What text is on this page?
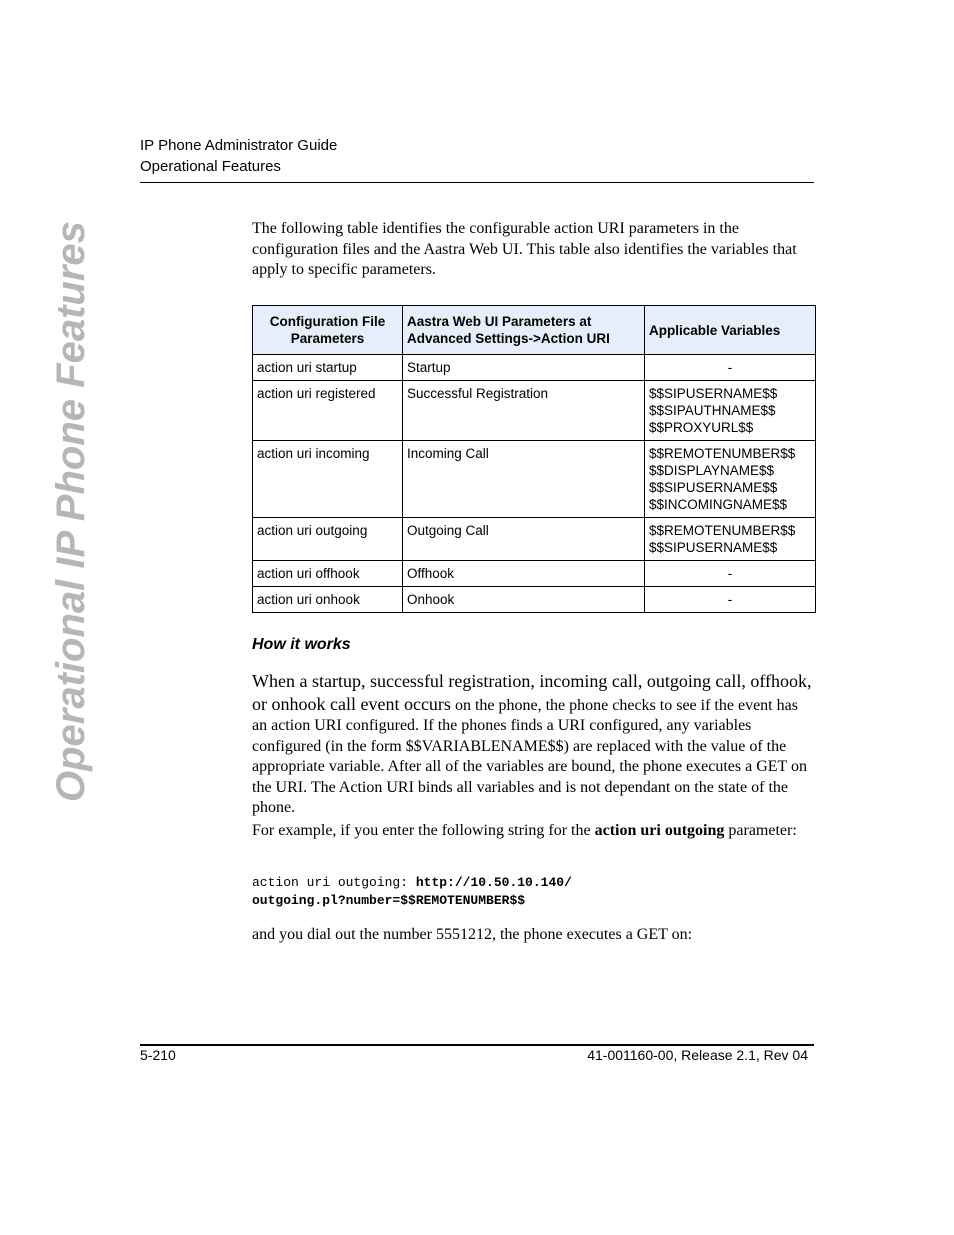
IP Phone Administrator Guide
Operational Features
Operational IP Phone Features	The following table identifies the configurable action URI parameters in the configuration files and the Aastra Web UI. This table also identifies the variables that apply to specific parameters.

Configuration File Parameters	Aastra Web UI Parameters at Advanced Settings->Action URI	Applicable Variables
action uri startup	Startup	-

action uri registered	Successful Registration	$$SIPUSERNAME$$
$$SIPAUTHNAME$$
$$PROXYURL$$

action uri incoming	Incoming Call	$$REMOTENUMBER$$
$$DISPLAYNAME$$
$$SIPUSERNAME$$
$$INCOMINGNAME$$

action uri outgoing	Outgoing Call	$$REMOTENUMBER$$
$$SIPUSERNAME$$

action uri offhook	Offhook	-

action uri onhook	Onhook	-
How it works

When a startup, successful registration, incoming call, outgoing call, offhook, or onhook call event occurs on the phone, the phone checks to see if the event has an action URI configured. If the phones finds a URI configured, any variables configured (in the form $$VARIABLENAME$$) are replaced with the value of the appropriate variable. After all of the variables are bound, the phone executes a GET on the URI. The Action URI binds all variables and is not dependant on the state of the phone.

For example, if you enter the following string for the action uri outgoing parameter:

action uri outgoing: http://10.50.10.140/
outgoing.pl?number=$$REMOTENUMBER$$

and you dial out the number 5551212, the phone executes a GET on:

5-210	41-001160-00, Release 2.1, Rev 04
